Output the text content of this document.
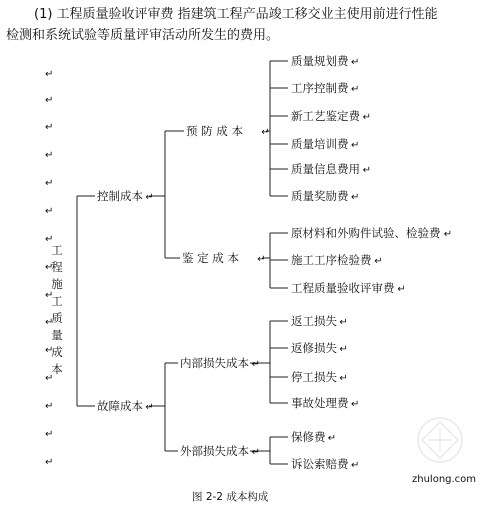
(1) 工程质量验收评审费 指建筑工程产品竣工移交业主使用前进行性能
检测和系统试验等质量评审活动所发生的费用。
zhulong.com
图 2-2 成本构成
↵
↵
↵
↵
↵
↵
↵
↵
↵
↵
↵
↵
↵
↵
↵
工
程
施
工
质
量
成
本
控制成本
预 防 成 本
质量规划费 ↵
工序控制费 ↵
新工艺鉴定费 ↵
质量培训费 ↵
质量信息费用 ↵
质量奖励费 ↵
↵
鉴 定 成 本
原材料和外购件试验、检验费 ↵
施工工序检验费 ↵
工程质量验收评审费 ↵
↵
↵
故障成本
内部损失成本
返工损失 ↵
返修损失 ↵
停工损失 ↵
事故处理费 ↵
↵
外部损失成本
保修费 ↵
诉讼索赔费 ↵
↵
↵
